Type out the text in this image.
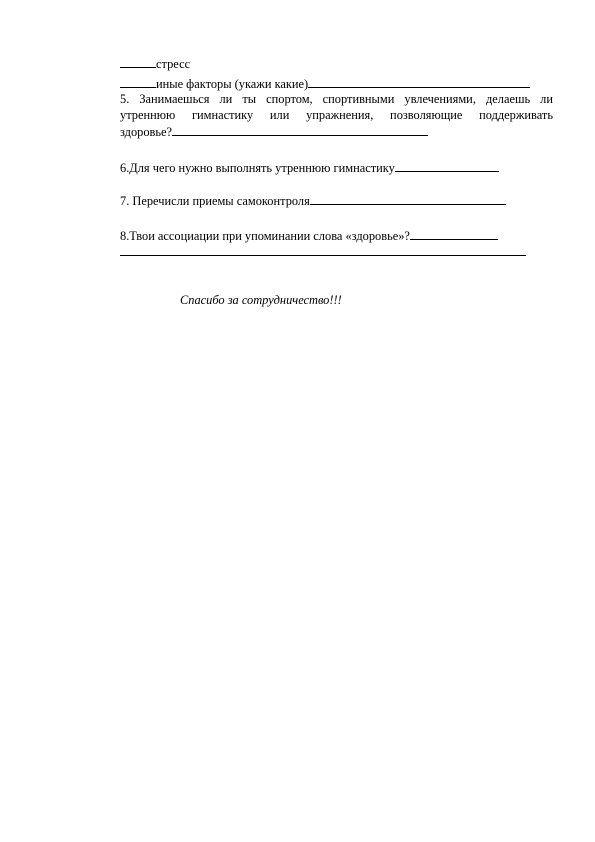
стресс
иные факторы (укажи какие)
5. Занимаешься ли ты спортом, спортивными увлечениями, делаешь ли
утреннюю гимнастику или упражнения, позволяющие поддерживать
здоровье?
6.Для чего нужно выполнять утреннюю гимнастику
7. Перечисли приемы самоконтроля
8.Твои ассоциации при упоминании слова «здоровье»?
Спасибо за сотрудничество!!!
